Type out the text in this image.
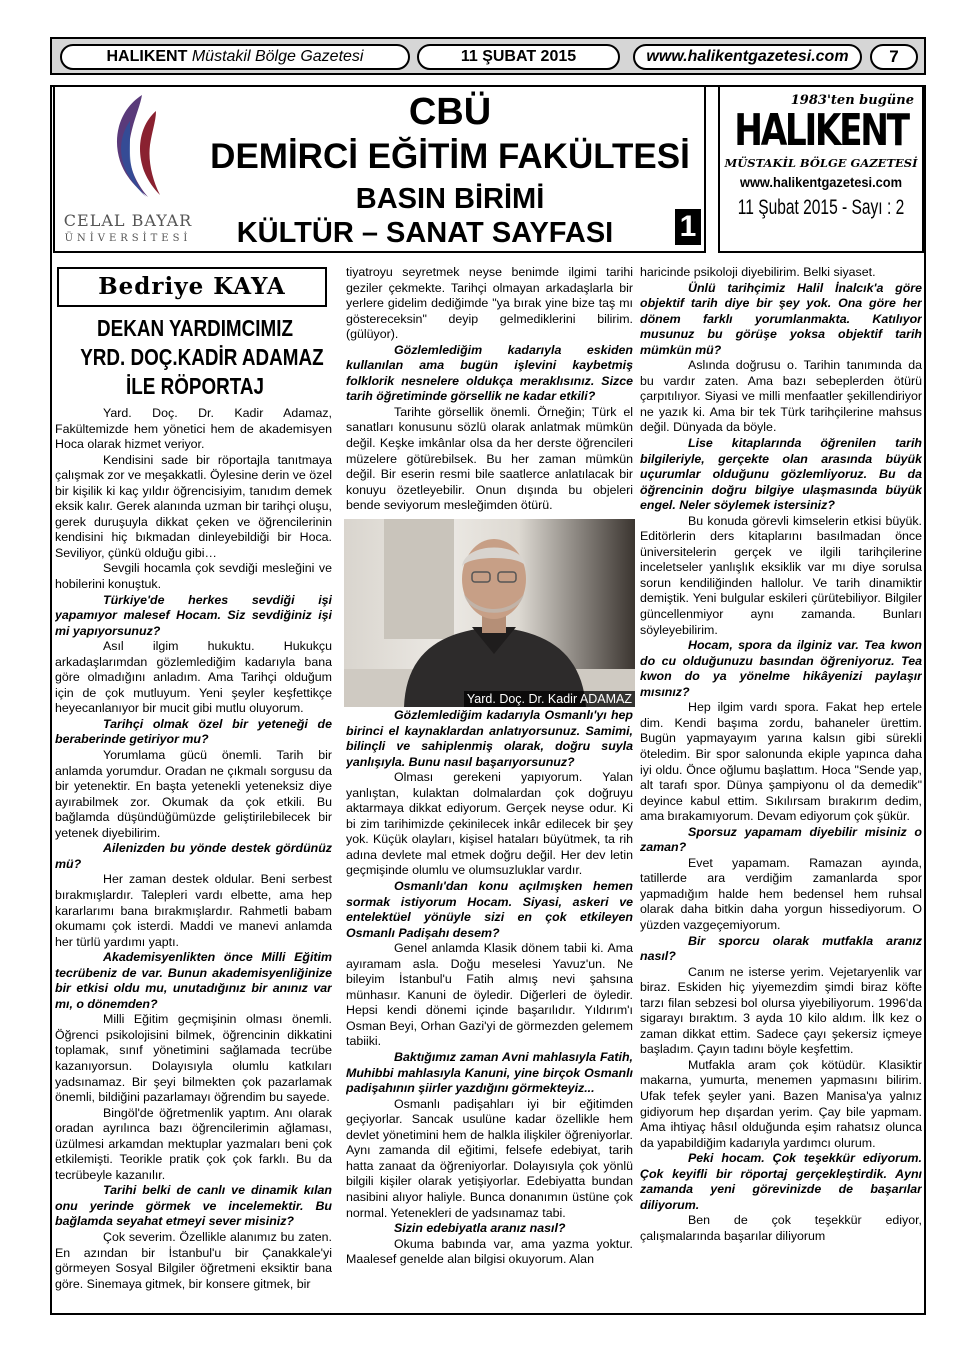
HALIKENT Müstakil Bölge Gazetesi	11 ŞUBAT 2015	www.halikentgazetesi.com	7
CELAL BAYAR
ÜNİVERSİTESİ
CBÜ
DEMİRCİ EĞİTİM FAKÜLTESİ
BASIN BİRİMİ
KÜLTÜR – SANAT SAYFASI	1
1983'ten bugüne
HALIKENT
MÜSTAKİL BÖLGE GAZETESİ
www.halikentgazetesi.com
11 Şubat 2015 - Sayı : 2
Bedriye KAYA
DEKAN YARDIMCIMIZ
YRD. DOÇ.KADİR ADAMAZ
İLE RÖPORTAJ

Yard. Doç. Dr. Kadir Adamaz, Fakültemizde hem yönetici hem de akademisyen Hoca olarak hizmet veriyor.

Kendisini sade bir röportajla tanıtmaya çalışmak zor ve meşakkatli. Öylesine derin ve özel bir kişilik ki kaç yıldır öğrencisiyim, tanıdım demek eksik kalır. Gerek alanında uzman bir tarihçi oluşu, gerek duruşuyla dikkat çeken ve öğrencilerinin kendisini hiç bıkmadan dinleyebildiği bir Hoca. Seviliyor, çünkü olduğu gibi…

Sevgili hocamla çok sevdiği mesleğini ve hobilerini konuştuk.

Türkiye'de herkes sevdiği işi yapamıyor malesef Hocam. Siz sevdiğiniz işi mi yapıyorsunuz?

Asıl ilgim hukuktu. Hukukçu arkadaşlarımdan gözlemlediğim kadarıyla bana göre olmadığını anladım. Ama Tarihçi olduğum için de çok mutluyum. Yeni şeyler keşfettikçe heyecanlanıyor bir mucit gibi mutlu oluyorum.

Tarihçi olmak özel bir yeteneği de beraberinde getiriyor mu?

Yorumlama gücü önemli. Tarih bir anlamda yorumdur. Oradan ne çıkmalı sorgusu da bir yetenektir. En başta yetenekli yeteneksiz diye ayırabilmek zor. Okumak da çok etkili. Bu bağlamda düşündüğümüzde geliştirilebilecek bir yetenek diyebilirim.

Ailenizden bu yönde destek gördünüz mü?

Her zaman destek oldular. Beni serbest bırakmışlardır. Talepleri vardı elbette, ama hep kararlarımı bana bırakmışlardır. Rahmetli babam okumamı çok isterdi. Maddi ve manevi anlamda her türlü yardımı yaptı.

Akademisyenlikten önce Milli Eğitim tecrübeniz de var. Bunun akademisyenliğinize bir etkisi oldu mu, unutadığınız bir anınız var mı, o dönemden?

Milli Eğitim geçmişinin olması önemli. Öğrenci psikolojisini bilmek, öğrencinin dikkatini toplamak, sınıf yönetimini sağlamada tecrübe kazanıyorsun. Dolayısıyla olumlu katkıları yadsınamaz. Bir şeyi bilmekten çok pazarlamak önemli, bildiğini pazarlamayı öğrendim bu sayede.

Bingöl'de öğretmenlik yaptım. Anı olarak oradan ayrılınca bazı öğrencilerimin ağlaması, üzülmesi arkamdan mektuplar yazmaları beni çok etkilemişti. Teorikle pratik çok çok farklı. Bu da tecrübeyle kazanılır.

Tarihi belki de canlı ve dinamik kılan onu yerinde görmek ve incelemektir. Bu bağlamda seyahat etmeyi sever misiniz?

Çok severim. Özellikle alanımız bu zaten. En azından bir İstanbul'u bir Çanakkale'yi görmeyen Sosyal Bilgiler öğretmeni eksiktir bana göre. Sinemaya gitmek, bir konsere gitmek, bir

tiyatroyu seyretmek neyse benimde ilgimi tarihi geziler çekmekte. Tarihçi olmayan arkadaşlarla bir yerlere gidelim dediğimde "ya bırak yine bize taş mı göstereceksin" deyip gelmediklerini bilirim. (gülüyor).

Gözlemlediğim kadarıyla eskiden kullanılan ama bugün işlevini kaybetmiş folklorik nesnelere oldukça meraklısınız. Sizce tarih öğretiminde görsellik ne kadar etkili?

Tarihte görsellik önemli. Örneğin; Türk el sanatları konusunu sözlü olarak anlatmak mümkün değil. Keşke imkânlar olsa da her derste öğrencileri müzelere götürebilsek. Bu her zaman mümkün değil. Bir eserin resmi bile saatlerce anlatılacak bir konuyu özetleyebilir. Onun dışında bu objeleri bende seviyorum mesleğimden ötürü.

Yard. Doç. Dr. Kadir ADAMAZ

Gözlemlediğim kadarıyla Osmanlı'yı hep birinci el kaynaklardan anlatıyorsunuz. Samimi, bilinçli ve sahiplenmiş olarak, doğru suyla yanlışıyla. Bunu nasıl başarıyorsunuz?

Olması gerekeni yapıyorum. Yalan yanlıştan, kulaktan dolmalardan çok doğruyu aktarmaya dikkat ediyorum. Gerçek neyse odur. Ki bi zim tarihimizde çekinilecek inkâr edilecek bir şey yok. Küçük olayları, kişisel hataları büyütmek, ta rih adına devlete mal etmek doğru değil. Her dev letin geçmişinde olumlu ve olumsuzluklar vardır.

Osmanlı'dan konu açılmışken hemen sormak istiyorum Hocam. Siyasi, askeri ve entelektüel yönüyle sizi en çok etkileyen Osmanlı Padişahı desem?

Genel anlamda Klasik dönem tabii ki. Ama ayıramam asla. Doğu meselesi Yavuz'un. Ne bileyim İstanbul'u Fatih almış nevi şahsına münhasır. Kanuni de öyledir. Diğerleri de öyledir. Hepsi kendi dönemi içinde başarılıdır. Yıldırım'ı Osman Beyi, Orhan Gazi'yi de görmezden gelemem tabiiki.

Baktığımız zaman Avni mahlasıyla Fatih, Muhibbi mahlasıyla Kanuni, yine birçok Osmanlı padişahının şiirler yazdığını görmekteyiz...

Osmanlı padişahları iyi bir eğitimden geçiyorlar. Sancak usulüne kadar özellikle hem devlet yönetimini hem de halkla ilişkiler öğreniyorlar. Aynı zamanda dil eğitimi, felsefe edebiyat, tarih hatta zanaat da öğreniyorlar. Dolayısıyla çok yönlü bilgili kişiler olarak yetişiyorlar. Edebiyatta bundan nasibini alıyor haliyle. Bunca donanımın üstüne çok normal. Yetenekleri de yadsınamaz tabi.

Sizin edebiyatla aranız nasıl?

Okuma babında var, ama yazma yoktur. Maalesef genelde alan bilgisi okuyorum. Alan

haricinde psikoloji diyebilirim. Belki siyaset.

Ünlü tarihçimiz Halil İnalcık'a göre objektif tarih diye bir şey yok. Ona göre her dönem farklı yorumlanmakta. Katılıyor musunuz bu görüşe yoksa objektif tarih mümkün mü?

Aslında doğrusu o. Tarihin tanımında da bu vardır zaten. Ama bazı sebeplerden ötürü çarpıtılıyor. Siyasi ve milli menfaatler şekillendiriyor ne yazık ki. Ama bir tek Türk tarihçilerine mahsus değil. Dünyada da böyle.

Lise kitaplarında öğrenilen tarih bilgileriyle, gerçekte olan arasında büyük uçurumlar olduğunu gözlemliyoruz. Bu da öğrencinin doğru bilgiye ulaşmasında büyük engel. Neler söylemek istersiniz?

Bu konuda görevli kimselerin etkisi büyük. Editörlerin ders kitaplarını basılmadan önce üniversitelerin gerçek ve ilgili tarihçilerine inceletseler yanlışlık eksiklik var mı diye sorulsa sorun kendiliğinden hallolur. Ve tarih dinamiktir demiştik. Yeni bulgular eskileri çürütebiliyor. Bilgiler güncellenmiyor aynı zamanda. Bunları söyleyebilirim.

Hocam, spora da ilginiz var. Tea kwon do cu olduğunuzu basından öğreniyoruz. Tea kwon do ya yönelme hikâyenizi paylaşır mısınız?

Hep ilgim vardı spora. Fakat hep ertele dim. Kendi başıma zordu, bahaneler ürettim. Bugün yapmayayım yarına kalsın gibi sürekli öteledim. Bir spor salonunda ekiple yapınca daha iyi oldu. Önce oğlumu başlattım. Hoca "Sende yap, alt tarafı spor. Dünya şampiyonu ol da demedik" deyince kabul ettim. Sıkılırsam bırakırım dedim, ama bırakamıyorum. Devam ediyorum çok şükür.

Sporsuz yapamam diyebilir misiniz o zaman?

Evet yapamam. Ramazan ayında, tatillerde ara verdiğim zamanlarda spor yapmadığım halde hem bedensel hem ruhsal olarak daha bitkin daha yorgun hissediyorum. O yüzden vazgeçemiyorum.

Bir sporcu olarak mutfakla aranız nasıl?

Canım ne isterse yerim. Vejetaryenlik var biraz. Eskiden hiç yiyemezdim şimdi biraz köfte tarzı filan sebzesi bol olursa yiyebiliyorum. 1996'da sigarayı bıraktım. 3 ayda 10 kilo aldım. İlk kez o zaman dikkat ettim. Sadece çayı şekersiz içmeye başladım. Çayın tadını böyle keşfettim.

Mutfakla aram çok kötüdür. Klasiktir makarna, yumurta, menemen yapmasını bilirim. Ufak tefek şeyler yani. Bazen Manisa'ya yalnız gidiyorum hep dışardan yerim. Çay bile yapmam. Ama ihtiyaç hâsıl olduğunda eşim rahatsız olunca da yapabildiğim kadarıyla yardımcı olurum.

Peki hocam. Çok teşekkür ediyorum. Çok keyifli bir röportaj gerçekleştirdik. Aynı zamanda yeni görevinizde de başarılar diliyorum.

Ben de çok teşekkür ediyor, çalışmalarında başarılar diliyorum
